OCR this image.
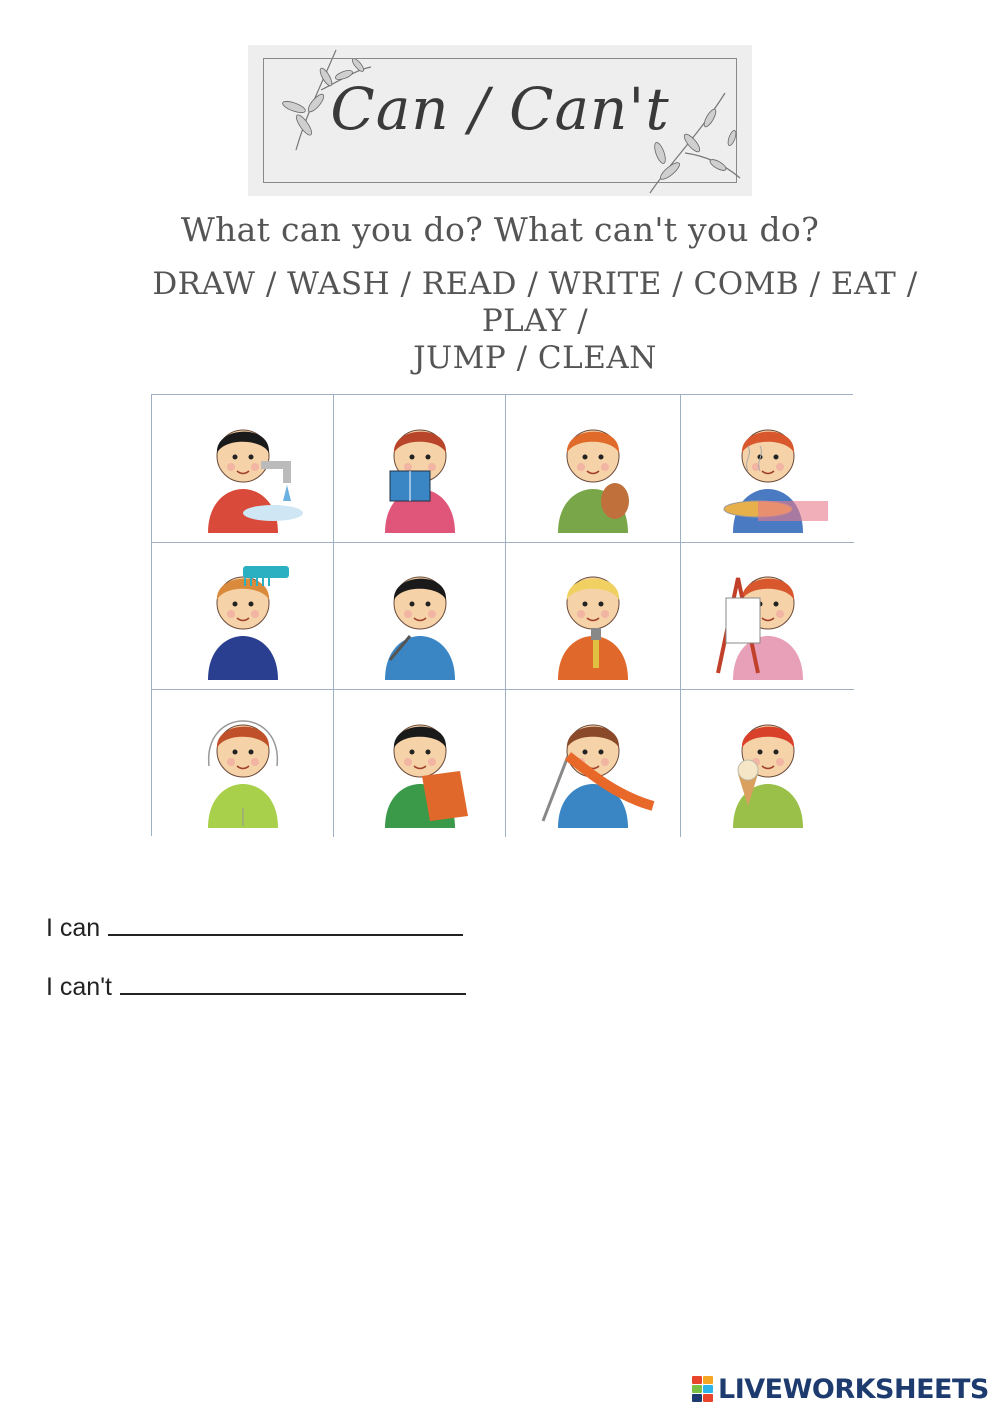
Can / Can't
What can you do? What can't you do?
DRAW / WASH / READ / WRITE / COMB / EAT / PLAY /
JUMP / CLEAN
I can
I can't
LIVEWORKSHEETS
